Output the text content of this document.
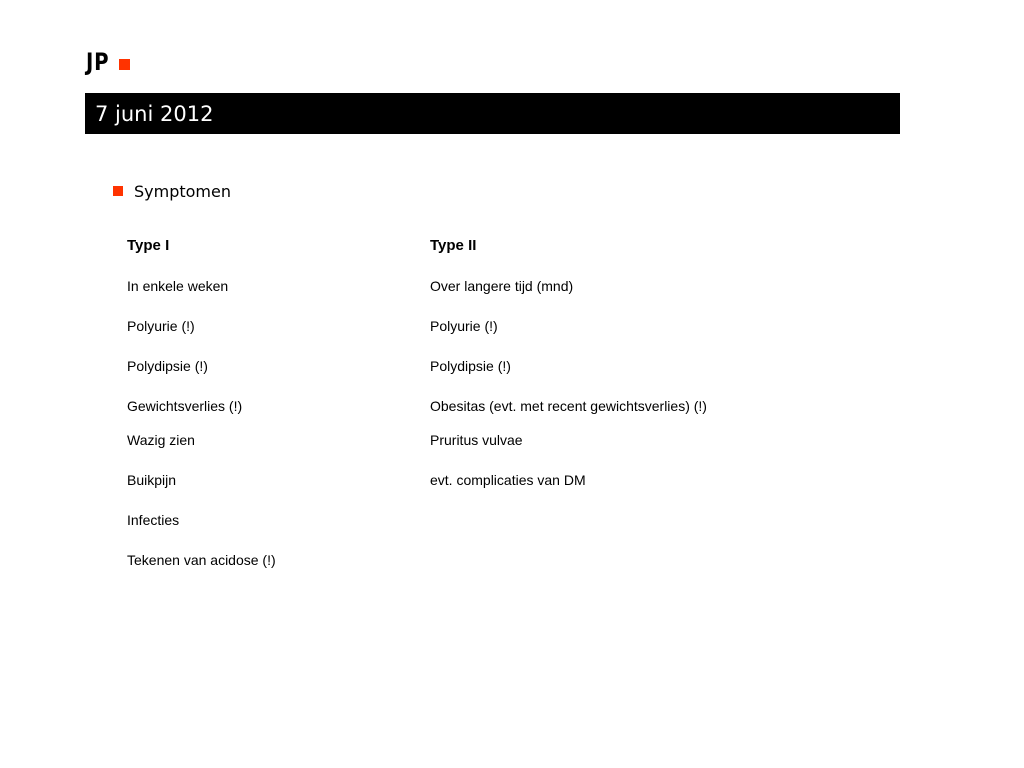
JP
7 juni 2012
Symptomen
Type I	Type II
In enkele weken
Polyurie (!)
Polydipsie (!)
Gewichtsverlies (!)
Wazig zien
Buikpijn
Infecties
Tekenen van acidose (!)
Over langere tijd (mnd)
Polyurie (!)
Polydipsie (!)
Obesitas (evt. met recent gewichtsverlies) (!)
Pruritus vulvae
evt. complicaties van DM
